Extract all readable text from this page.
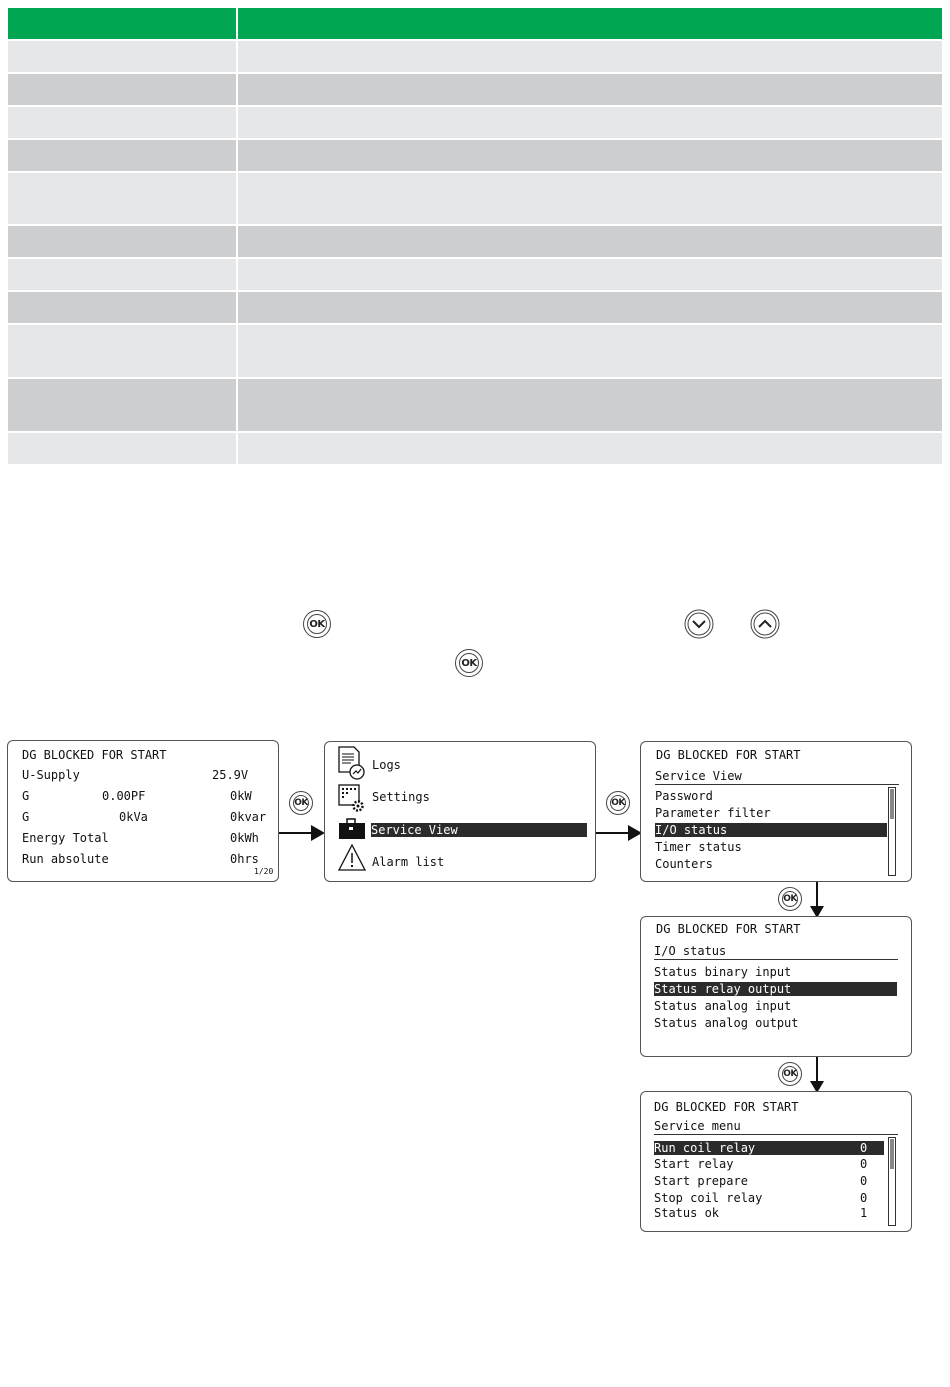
OK
OK
DG BLOCKED FOR START
U-Supply	25.9V
G	0.00PF	0kW
G	0kVa	0kvar
Energy Total	0kWh
Run absolute	0hrs
1/20
OK
Logs
Settings
Service View
Alarm list
OK
DG BLOCKED FOR START
Service View
Password
Parameter filter
I/O status
Timer status
Counters
OK
DG BLOCKED FOR START
I/O status
Status binary input
Status relay output
Status analog input
Status analog output
OK
DG BLOCKED FOR START
Service menu
Run coil relay	0
Start relay	0
Start prepare	0
Stop coil relay	0
Status ok	1
